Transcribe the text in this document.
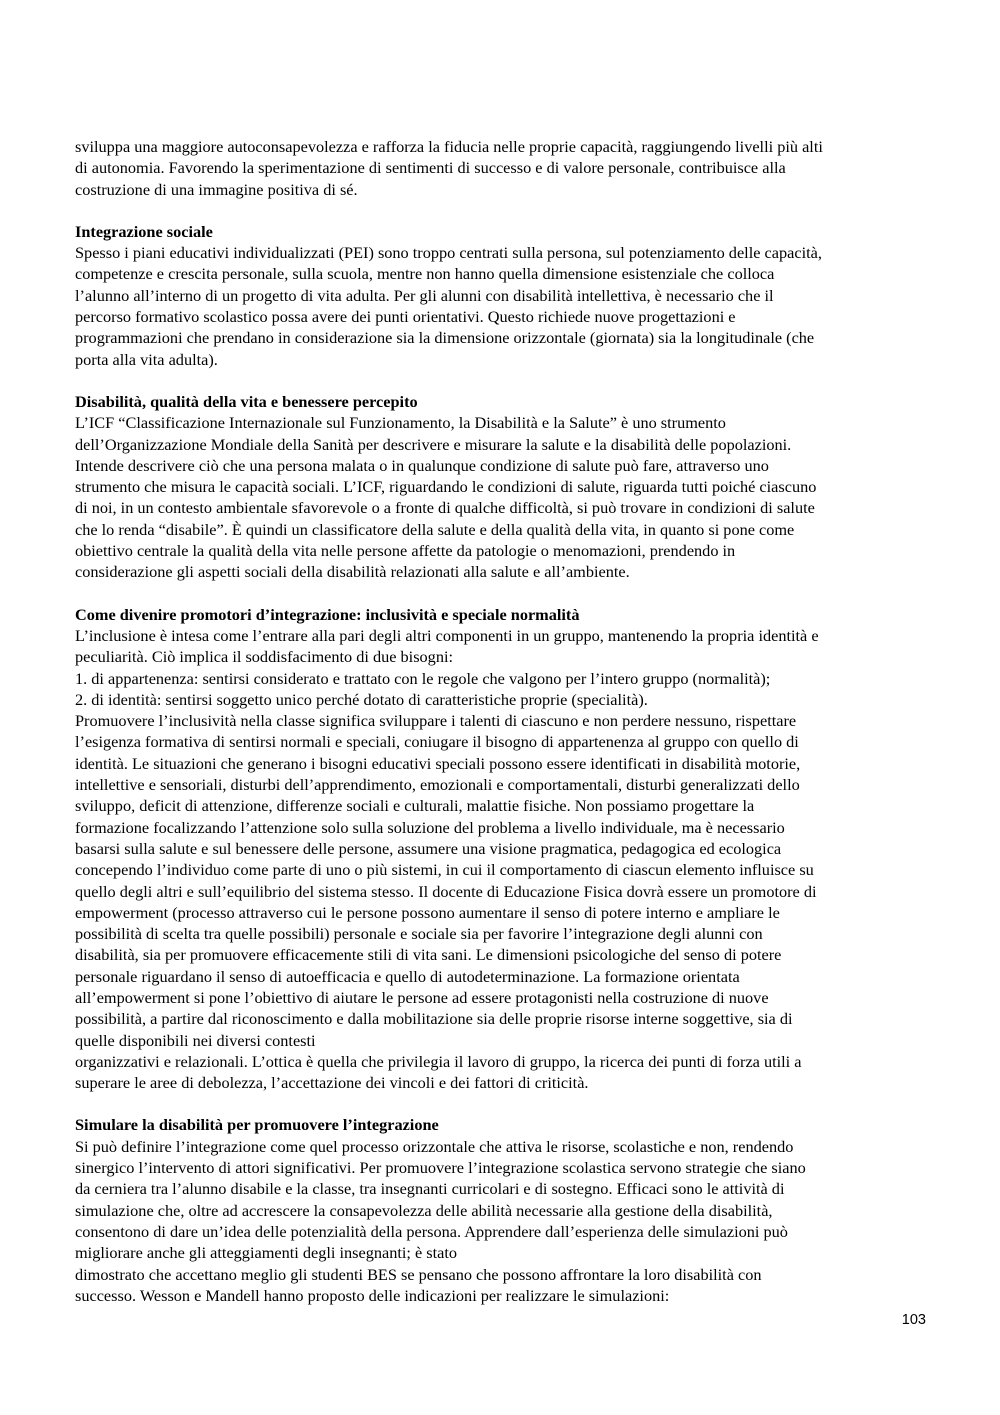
sviluppa una maggiore autoconsapevolezza e rafforza la fiducia nelle proprie capacità, raggiungendo livelli più alti
di autonomia. Favorendo la sperimentazione di sentimenti di successo e di valore personale, contribuisce alla
costruzione di una immagine positiva di sé.
Integrazione sociale
Spesso i piani educativi individualizzati (PEI) sono troppo centrati sulla persona, sul potenziamento delle capacità,
competenze e crescita personale, sulla scuola, mentre non hanno quella dimensione esistenziale che colloca
l’alunno all’interno di un progetto di vita adulta. Per gli alunni con disabilità intellettiva, è necessario che il
percorso formativo scolastico possa avere dei punti orientativi. Questo richiede nuove progettazioni e
programmazioni che prendano in considerazione sia la dimensione orizzontale (giornata) sia la longitudinale (che
porta alla vita adulta).
Disabilità, qualità della vita e benessere percepito
L’ICF “Classificazione Internazionale sul Funzionamento, la Disabilità e la Salute” è uno strumento
dell’Organizzazione Mondiale della Sanità per descrivere e misurare la salute e la disabilità delle popolazioni.
Intende descrivere ciò che una persona malata o in qualunque condizione di salute può fare, attraverso uno
strumento che misura le capacità sociali. L’ICF, riguardando le condizioni di salute, riguarda tutti poiché ciascuno
di noi, in un contesto ambientale sfavorevole o a fronte di qualche difficoltà, si può trovare in condizioni di salute
che lo renda “disabile”. È quindi un classificatore della salute e della qualità della vita, in quanto si pone come
obiettivo centrale la qualità della vita nelle persone affette da patologie o menomazioni, prendendo in
considerazione gli aspetti sociali della disabilità relazionati alla salute e all’ambiente.
Come divenire promotori d’integrazione: inclusività e speciale normalità
L’inclusione è intesa come l’entrare alla pari degli altri componenti in un gruppo, mantenendo la propria identità e
peculiarità. Ciò implica il soddisfacimento di due bisogni:
1. di appartenenza: sentirsi considerato e trattato con le regole che valgono per l’intero gruppo (normalità);
2. di identità: sentirsi soggetto unico perché dotato di caratteristiche proprie (specialità).
Promuovere l’inclusività nella classe significa sviluppare i talenti di ciascuno e non perdere nessuno, rispettare
l’esigenza formativa di sentirsi normali e speciali, coniugare il bisogno di appartenenza al gruppo con quello di
identità. Le situazioni che generano i bisogni educativi speciali possono essere identificati in disabilità motorie,
intellettive e sensoriali, disturbi dell’apprendimento, emozionali e comportamentali, disturbi generalizzati dello
sviluppo, deficit di attenzione, differenze sociali e culturali, malattie fisiche. Non possiamo progettare la
formazione focalizzando l’attenzione solo sulla soluzione del problema a livello individuale, ma è necessario
basarsi sulla salute e sul benessere delle persone, assumere una visione pragmatica, pedagogica ed ecologica
concependo l’individuo come parte di uno o più sistemi, in cui il comportamento di ciascun elemento influisce su
quello degli altri e sull’equilibrio del sistema stesso. Il docente di Educazione Fisica dovrà essere un promotore di
empowerment (processo attraverso cui le persone possono aumentare il senso di potere interno e ampliare le
possibilità di scelta tra quelle possibili) personale e sociale sia per favorire l’integrazione degli alunni con
disabilità, sia per promuovere efficacemente stili di vita sani. Le dimensioni psicologiche del senso di potere
personale riguardano il senso di autoefficacia e quello di autodeterminazione. La formazione orientata
all’empowerment si pone l’obiettivo di aiutare le persone ad essere protagonisti nella costruzione di nuove
possibilità, a partire dal riconoscimento e dalla mobilitazione sia delle proprie risorse interne soggettive, sia di
quelle disponibili nei diversi contesti
organizzativi e relazionali. L’ottica è quella che privilegia il lavoro di gruppo, la ricerca dei punti di forza utili a
superare le aree di debolezza, l’accettazione dei vincoli e dei fattori di criticità.
Simulare la disabilità per promuovere l’integrazione
Si può definire l’integrazione come quel processo orizzontale che attiva le risorse, scolastiche e non, rendendo
sinergico l’intervento di attori significativi. Per promuovere l’integrazione scolastica servono strategie che siano
da cerniera tra l’alunno disabile e la classe, tra insegnanti curricolari e di sostegno. Efficaci sono le attività di
simulazione che, oltre ad accrescere la consapevolezza delle abilità necessarie alla gestione della disabilità,
consentono di dare un’idea delle potenzialità della persona. Apprendere dall’esperienza delle simulazioni può
migliorare anche gli atteggiamenti degli insegnanti; è stato
dimostrato che accettano meglio gli studenti BES se pensano che possono affrontare la loro disabilità con
successo. Wesson e Mandell hanno proposto delle indicazioni per realizzare le simulazioni:
103
